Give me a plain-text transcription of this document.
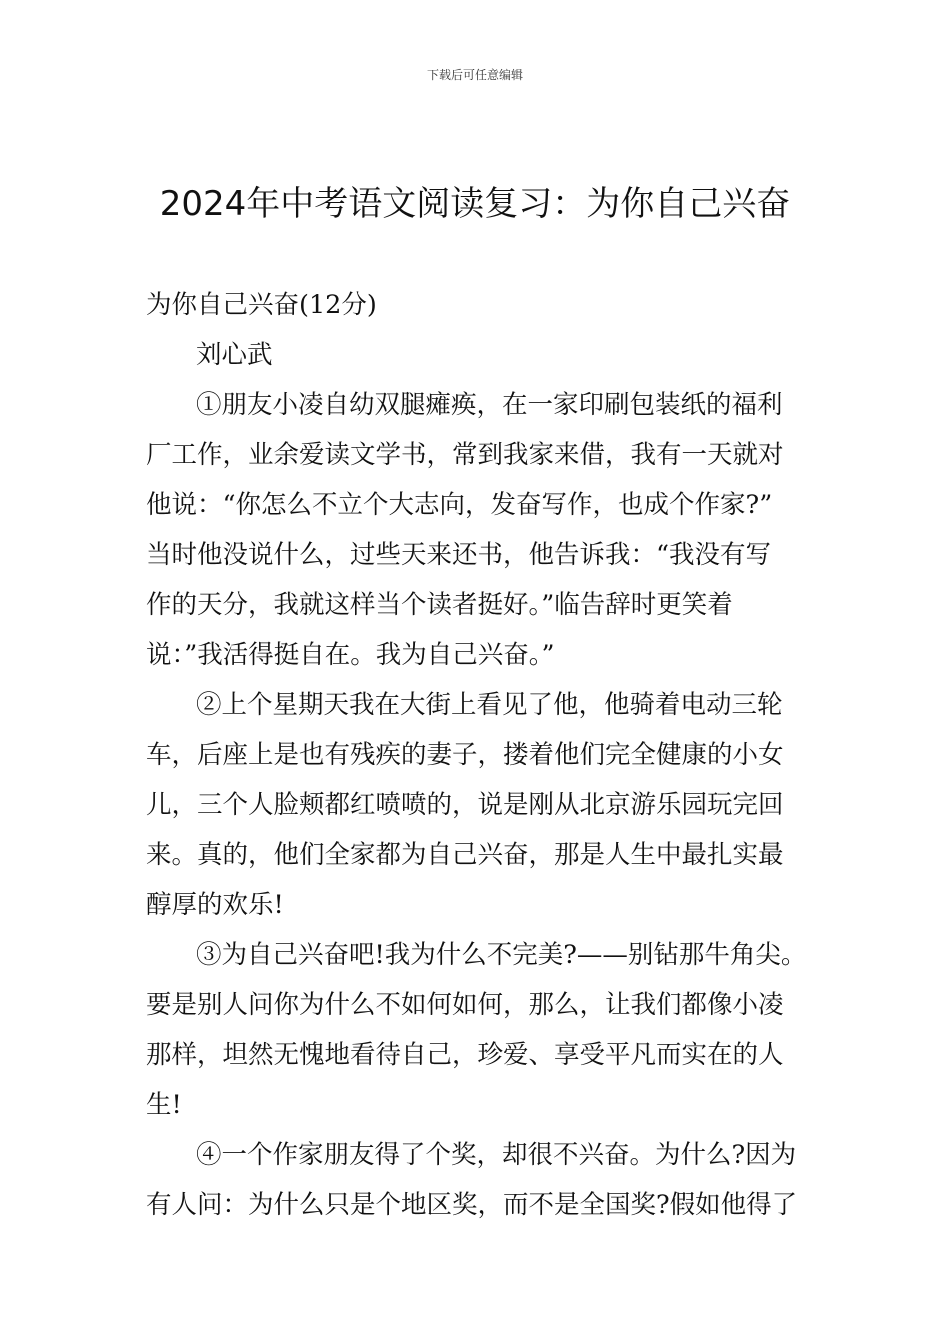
下载后可任意编辑
2024年中考语文阅读复习：为你自己兴奋
为你自己兴奋(12分)
刘心武
①朋友小凌自幼双腿瘫痪，在一家印刷包装纸的福利
厂工作，业余爱读文学书，常到我家来借，我有一天就对
他说：“你怎么不立个大志向，发奋写作，也成个作家?”
当时他没说什么，过些天来还书，他告诉我：“我没有写
作的天分，我就这样当个读者挺好。”临告辞时更笑着
说：”我活得挺自在。我为自己兴奋。”
②上个星期天我在大街上看见了他，他骑着电动三轮
车，后座上是也有残疾的妻子，搂着他们完全健康的小女
儿，三个人脸颊都红喷喷的，说是刚从北京游乐园玩完回
来。真的，他们全家都为自己兴奋，那是人生中最扎实最
醇厚的欢乐!
③为自己兴奋吧!我为什么不完美?——别钻那牛角尖。
要是别人问你为什么不如何如何，那么，让我们都像小凌
那样，坦然无愧地看待自己，珍爱、享受平凡而实在的人
生!
④一个作家朋友得了个奖，却很不兴奋。为什么?因为
有人问：为什么只是个地区奖，而不是全国奖?假如他得了
